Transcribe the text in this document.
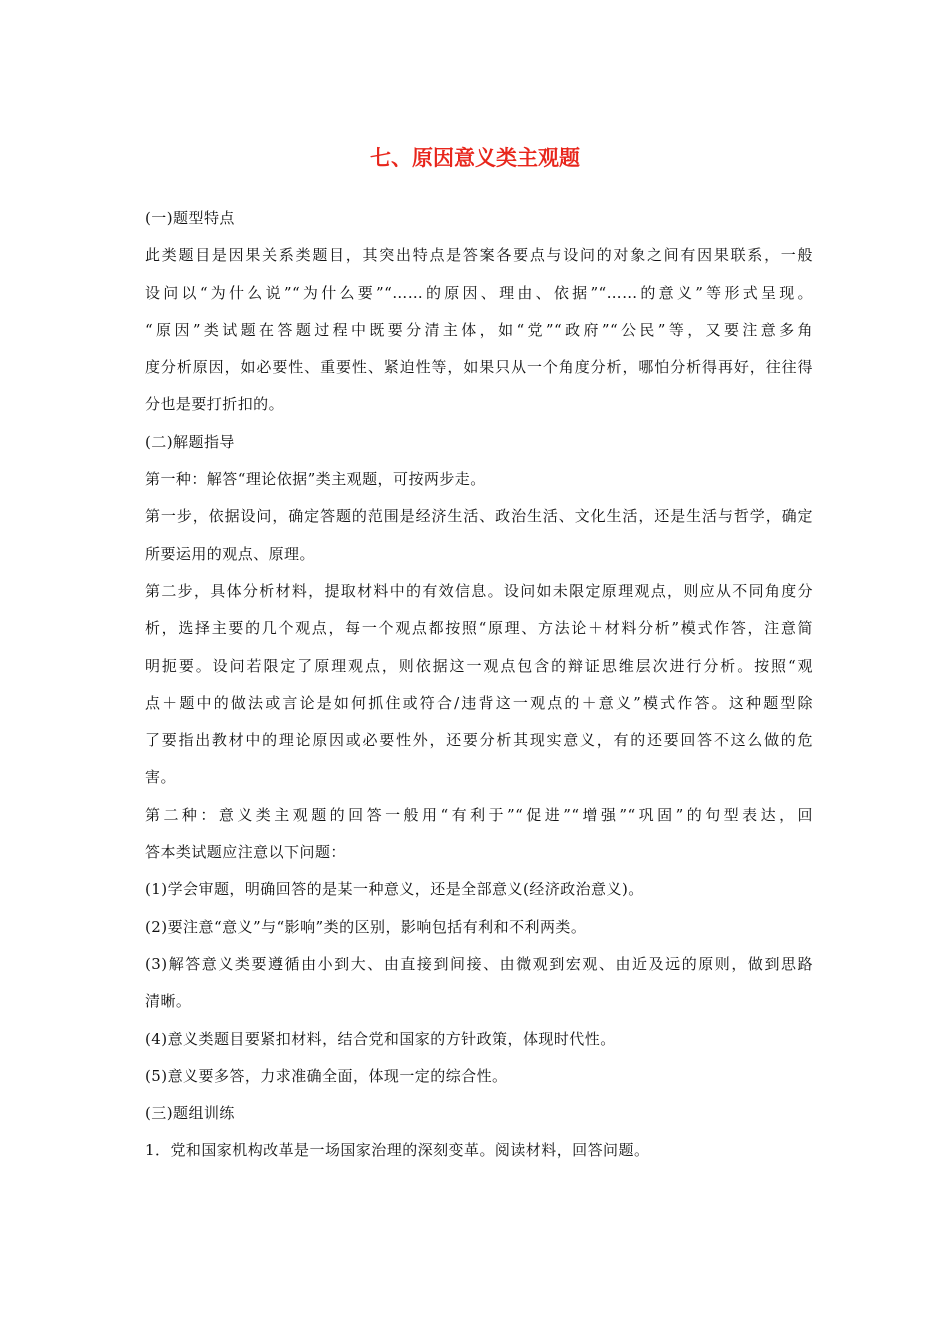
七、原因意义类主观题
(一)题型特点
此类题目是因果关系类题目，其突出特点是答案各要点与设问的对象之间有因果联系，一般
设问以“为什么说”“为什么要”“……的原因、理由、依据”“……的意义”等形式呈现。
“原因”类试题在答题过程中既要分清主体，如“党”“政府”“公民”等，又要注意多角
度分析原因，如必要性、重要性、紧迫性等，如果只从一个角度分析，哪怕分析得再好，往往得
分也是要打折扣的。
(二)解题指导
第一种：解答“理论依据”类主观题，可按两步走。
第一步，依据设问，确定答题的范围是经济生活、政治生活、文化生活，还是生活与哲学，确定
所要运用的观点、原理。
第二步，具体分析材料，提取材料中的有效信息。设问如未限定原理观点，则应从不同角度分
析，选择主要的几个观点，每一个观点都按照“原理、方法论＋材料分析”模式作答，注意简
明扼要。设问若限定了原理观点，则依据这一观点包含的辩证思维层次进行分析。按照“观
点＋题中的做法或言论是如何抓住或符合/违背这一观点的＋意义”模式作答。这种题型除
了要指出教材中的理论原因或必要性外，还要分析其现实意义，有的还要回答不这么做的危
害。
第二种：意义类主观题的回答一般用“有利于”“促进”“增强”“巩固”的句型表达，回
答本类试题应注意以下问题：
(1)学会审题，明确回答的是某一种意义，还是全部意义(经济政治意义)。
(2)要注意“意义”与“影响”类的区别，影响包括有利和不利两类。
(3)解答意义类要遵循由小到大、由直接到间接、由微观到宏观、由近及远的原则，做到思路
清晰。
(4)意义类题目要紧扣材料，结合党和国家的方针政策，体现时代性。
(5)意义要多答，力求准确全面，体现一定的综合性。
(三)题组训练
1．党和国家机构改革是一场国家治理的深刻变革。阅读材料，回答问题。
